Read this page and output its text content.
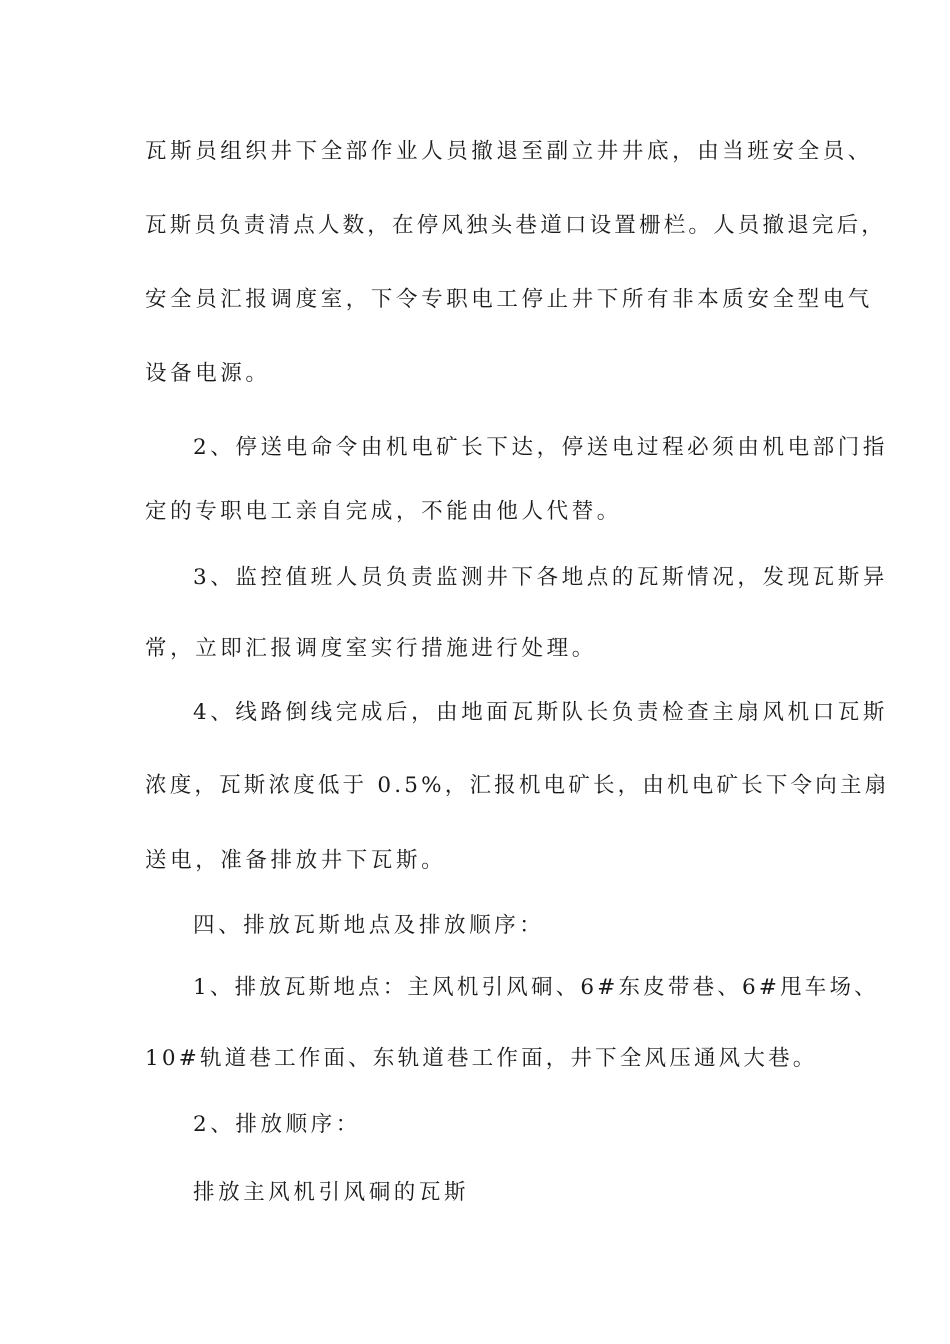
瓦斯员组织井下全部作业人员撤退至副立井井底，由当班安全员、
瓦斯员负责清点人数，在停风独头巷道口设置栅栏。人员撤退完后，
安全员汇报调度室，下令专职电工停止井下所有非本质安全型电气
设备电源。
2、停送电命令由机电矿长下达，停送电过程必须由机电部门指
定的专职电工亲自完成，不能由他人代替。
3、监控值班人员负责监测井下各地点的瓦斯情况，发现瓦斯异
常，立即汇报调度室实行措施进行处理。
4、线路倒线完成后，由地面瓦斯队长负责检查主扇风机口瓦斯
浓度，瓦斯浓度低于 0.5%，汇报机电矿长，由机电矿长下令向主扇
送电，准备排放井下瓦斯。
四、排放瓦斯地点及排放顺序：
1、排放瓦斯地点：主风机引风硐、6#东皮带巷、6#甩车场、
10#轨道巷工作面、东轨道巷工作面，井下全风压通风大巷。
2、排放顺序：
排放主风机引风硐的瓦斯
